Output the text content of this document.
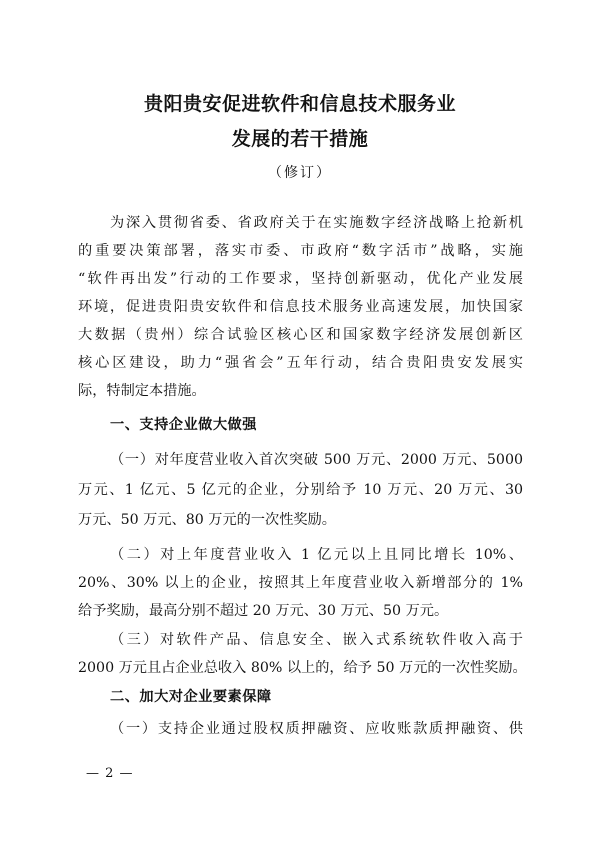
贵阳贵安促进软件和信息技术服务业
发展的若干措施
（修订）
为深入贯彻省委、省政府关于在实施数字经济战略上抢新机
的重要决策部署，落实市委、市政府“数字活市”战略，实施
“软件再出发”行动的工作要求，坚持创新驱动，优化产业发展
环境，促进贵阳贵安软件和信息技术服务业高速发展，加快国家
大数据（贵州）综合试验区核心区和国家数字经济发展创新区
核心区建设，助力“强省会”五年行动，结合贵阳贵安发展实
际，特制定本措施。
一、支持企业做大做强
（一）对年度营业收入首次突破 500 万元、2000 万元、5000
万元、1 亿元、5 亿元的企业，分别给予 10 万元、20 万元、30
万元、50 万元、80 万元的一次性奖励。
（二）对上年度营业收入 1 亿元以上且同比增长 10%、
20%、30% 以上的企业，按照其上年度营业收入新增部分的 1%
给予奖励，最高分别不超过 20 万元、30 万元、50 万元。
（三）对软件产品、信息安全、嵌入式系统软件收入高于
2000 万元且占企业总收入 80% 以上的，给予 50 万元的一次性奖励。
二、加大对企业要素保障
（一）支持企业通过股权质押融资、应收账款质押融资、供
— 2 —
